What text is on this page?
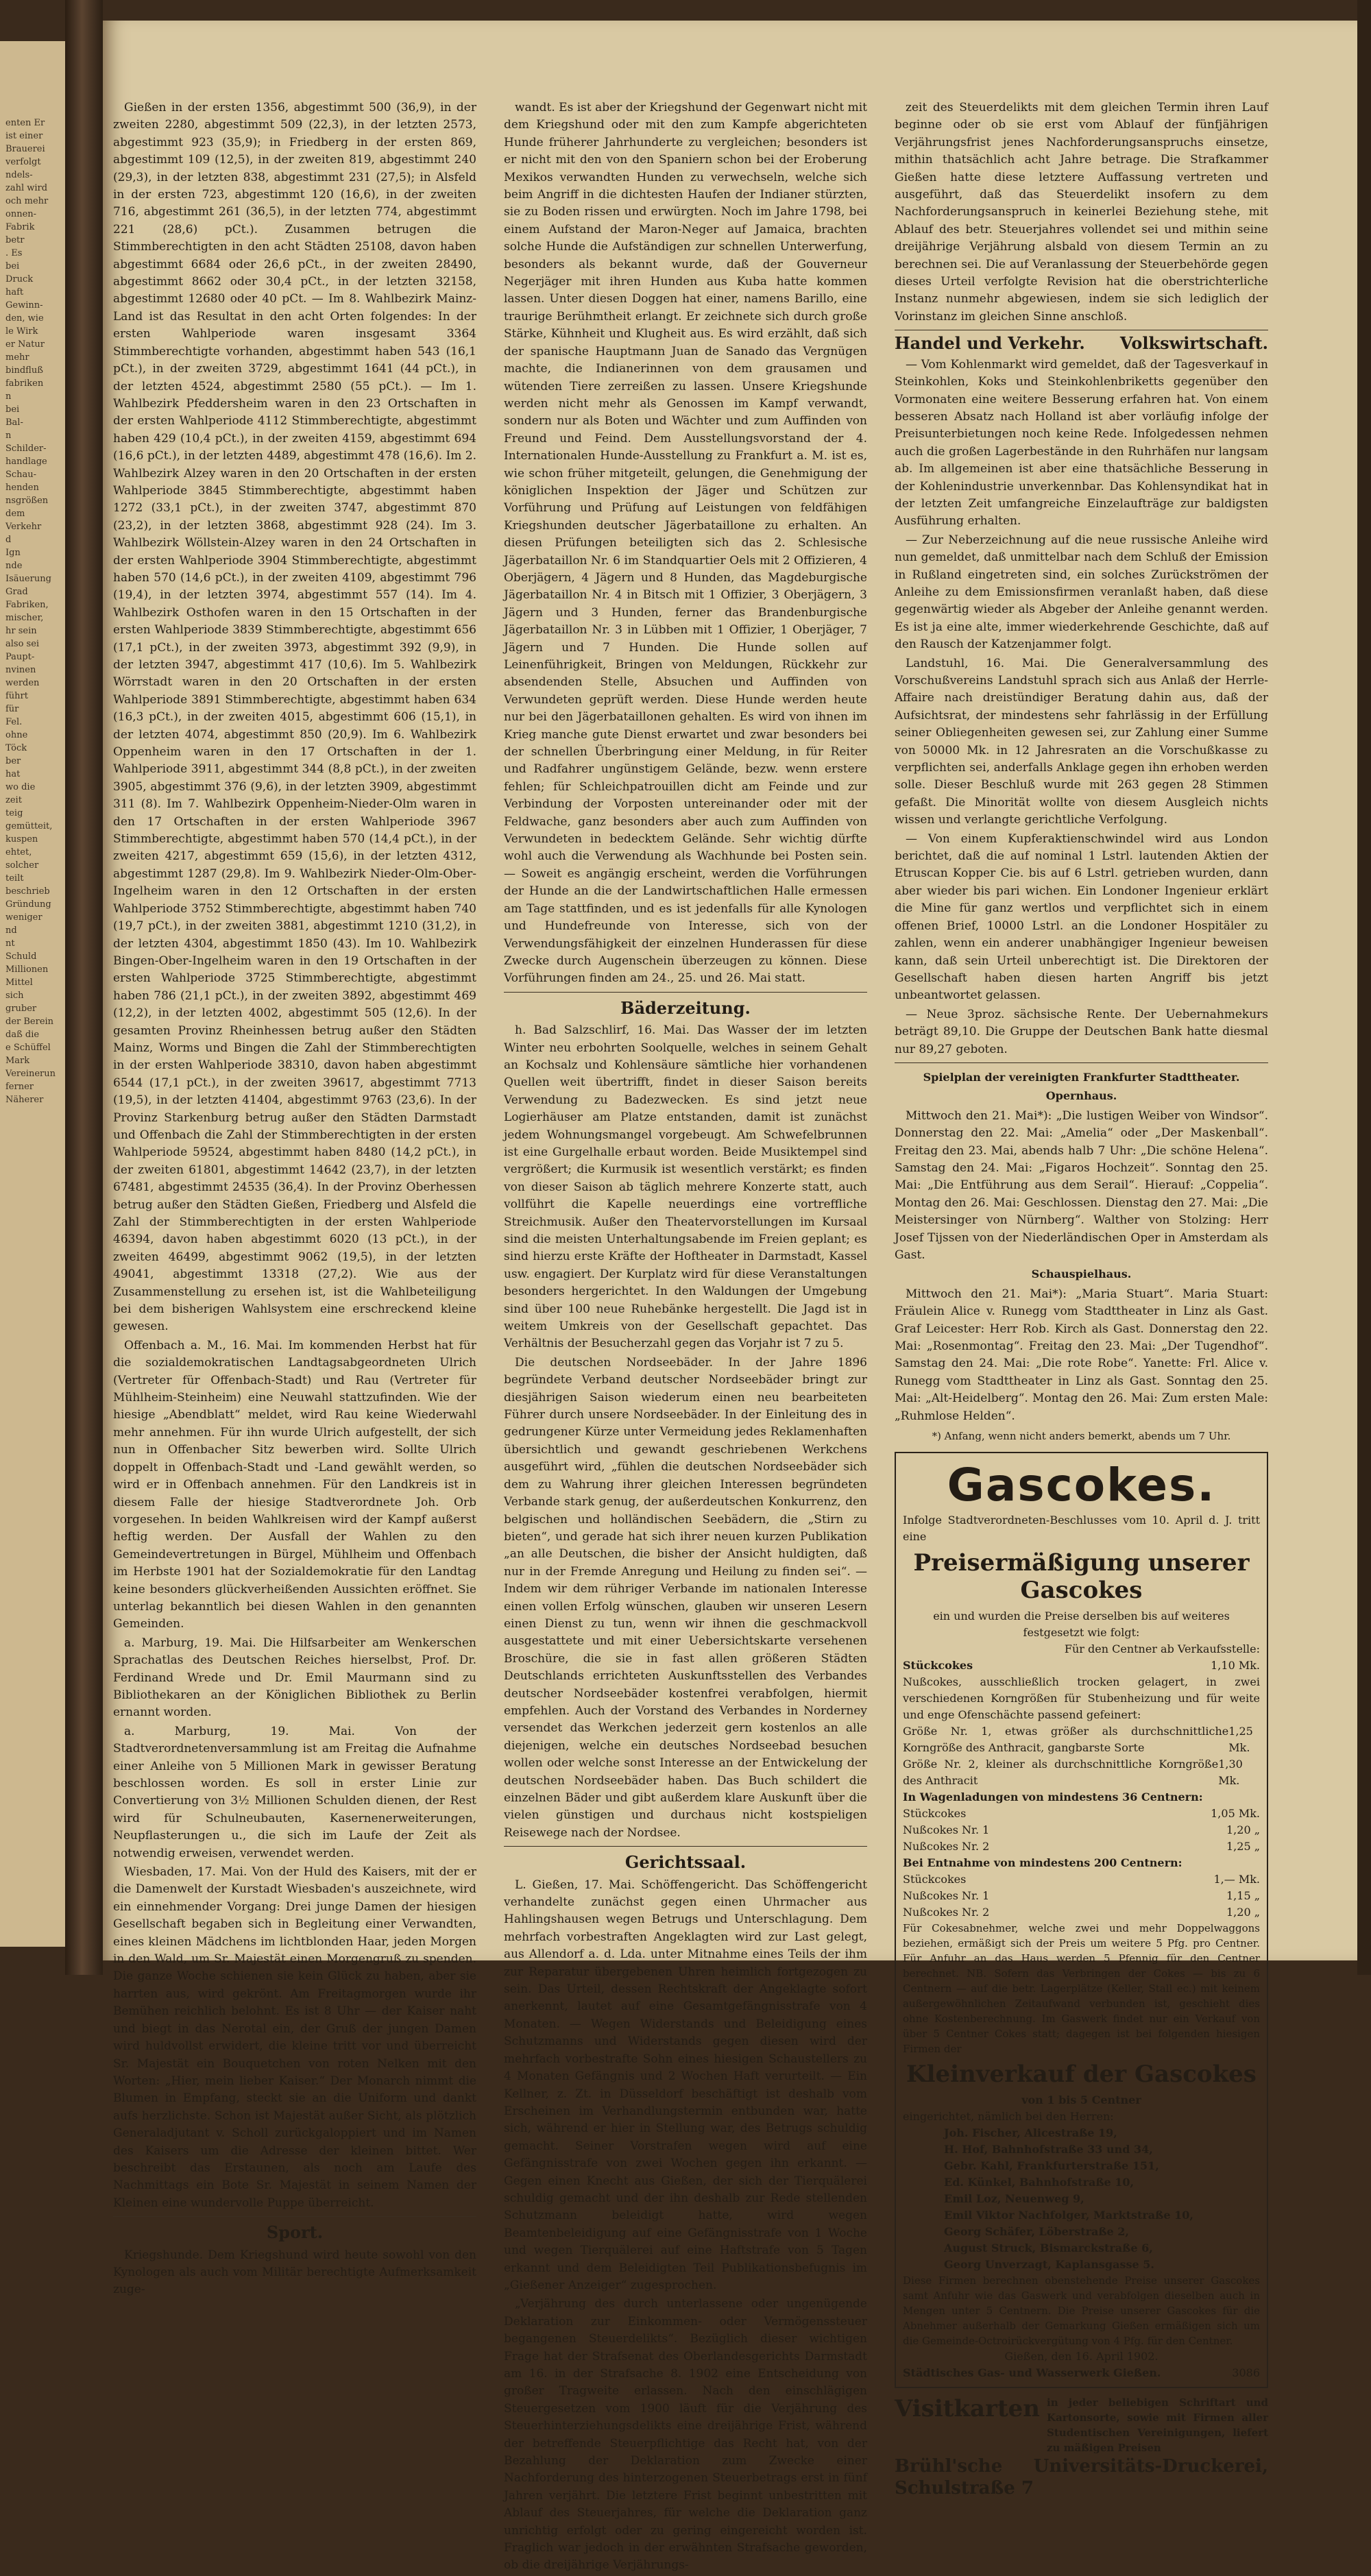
enten Er
ist einer
Brauerei
verfolgt
ndels-
zahl wird
och mehr
onnen-
Fabrik
betr
. Es
bei
Druck
haft
Gewinn-
den, wie
le Wirk
er Natur
mehr
bindfluß
fabriken
n
bei
Bal-
n
Schilder-
handlage
Schau-
henden
nsgrößen
dem
Verkehr
d
Ign
nde
Isäuerung
Grad
Fabriken,
mischer,
hr sein
also sei
Paupt-
nvinen
werden
führt
für
Fel.
ohne
Töck
ber
hat
wo die
zeit
teig
gemütteit,
kuspen
ehtet,
solcher
teilt
beschrieb
Gründung
weniger
nd
nt
Schuld
Millionen
Mittel
sich
gruber
der Berein
daß die
e Schüffel
Mark
Vereinerun
ferner
Näherer

Gießen in der ersten 1356, abgestimmt 500 (36,9), in der zweiten 2280, abgestimmt 509 (22,3), in der letzten 2573, abgestimmt 923 (35,9); in Friedberg in der ersten 869, abgestimmt 109 (12,5), in der zweiten 819, abgestimmt 240 (29,3), in der letzten 838, abgestimmt 231 (27,5); in Alsfeld in der ersten 723, abgestimmt 120 (16,6), in der zweiten 716, abgestimmt 261 (36,5), in der letzten 774, abgestimmt 221 (28,6) pCt.). Zusammen betrugen die Stimmberechtigten in den acht Städten 25108, davon haben abgestimmt 6684 oder 26,6 pCt., in der zweiten 28490, abgestimmt 8662 oder 30,4 pCt., in der letzten 32158, abgestimmt 12680 oder 40 pCt. — Im 8. Wahlbezirk Mainz-Land ist das Resultat in den acht Orten folgendes: In der ersten Wahlperiode waren insgesamt 3364 Stimmberechtigte vorhanden, abgestimmt haben 543 (16,1 pCt.), in der zweiten 3729, abgestimmt 1641 (44 pCt.), in der letzten 4524, abgestimmt 2580 (55 pCt.). — Im 1. Wahlbezirk Pfeddersheim waren in den 23 Ortschaften in der ersten Wahlperiode 4112 Stimmberechtigte, abgestimmt haben 429 (10,4 pCt.), in der zweiten 4159, abgestimmt 694 (16,6 pCt.), in der letzten 4489, abgestimmt 478 (16,6). Im 2. Wahlbezirk Alzey waren in den 20 Ortschaften in der ersten Wahlperiode 3845 Stimmberechtigte, abgestimmt haben 1272 (33,1 pCt.), in der zweiten 3747, abgestimmt 870 (23,2), in der letzten 3868, abgestimmt 928 (24). Im 3. Wahlbezirk Wöllstein-Alzey waren in den 24 Ortschaften in der ersten Wahlperiode 3904 Stimmberechtigte, abgestimmt haben 570 (14,6 pCt.), in der zweiten 4109, abgestimmt 796 (19,4), in der letzten 3974, abgestimmt 557 (14). Im 4. Wahlbezirk Osthofen waren in den 15 Ortschaften in der ersten Wahlperiode 3839 Stimmberechtigte, abgestimmt 656 (17,1 pCt.), in der zweiten 3973, abgestimmt 392 (9,9), in der letzten 3947, abgestimmt 417 (10,6). Im 5. Wahlbezirk Wörrstadt waren in den 20 Ortschaften in der ersten Wahlperiode 3891 Stimmberechtigte, abgestimmt haben 634 (16,3 pCt.), in der zweiten 4015, abgestimmt 606 (15,1), in der letzten 4074, abgestimmt 850 (20,9). Im 6. Wahlbezirk Oppenheim waren in den 17 Ortschaften in der 1. Wahlperiode 3911, abgestimmt 344 (8,8 pCt.), in der zweiten 3905, abgestimmt 376 (9,6), in der letzten 3909, abgestimmt 311 (8). Im 7. Wahlbezirk Oppenheim-Nieder-Olm waren in den 17 Ortschaften in der ersten Wahlperiode 3967 Stimmberechtigte, abgestimmt haben 570 (14,4 pCt.), in der zweiten 4217, abgestimmt 659 (15,6), in der letzten 4312, abgestimmt 1287 (29,8). Im 9. Wahlbezirk Nieder-Olm-Ober-Ingelheim waren in den 12 Ortschaften in der ersten Wahlperiode 3752 Stimmberechtigte, abgestimmt haben 740 (19,7 pCt.), in der zweiten 3881, abgestimmt 1210 (31,2), in der letzten 4304, abgestimmt 1850 (43). Im 10. Wahlbezirk Bingen-Ober-Ingelheim waren in den 19 Ortschaften in der ersten Wahlperiode 3725 Stimmberechtigte, abgestimmt haben 786 (21,1 pCt.), in der zweiten 3892, abgestimmt 469 (12,2), in der letzten 4002, abgestimmt 505 (12,6). In der gesamten Provinz Rheinhessen betrug außer den Städten Mainz, Worms und Bingen die Zahl der Stimmberechtigten in der ersten Wahlperiode 38310, davon haben abgestimmt 6544 (17,1 pCt.), in der zweiten 39617, abgestimmt 7713 (19,5), in der letzten 41404, abgestimmt 9763 (23,6). In der Provinz Starkenburg betrug außer den Städten Darmstadt und Offenbach die Zahl der Stimmberechtigten in der ersten Wahlperiode 59524, abgestimmt haben 8480 (14,2 pCt.), in der zweiten 61801, abgestimmt 14642 (23,7), in der letzten 67481, abgestimmt 24535 (36,4). In der Provinz Oberhessen betrug außer den Städten Gießen, Friedberg und Alsfeld die Zahl der Stimmberechtigten in der ersten Wahlperiode 46394, davon haben abgestimmt 6020 (13 pCt.), in der zweiten 46499, abgestimmt 9062 (19,5), in der letzten 49041, abgestimmt 13318 (27,2). Wie aus der Zusammenstellung zu ersehen ist, ist die Wahlbeteiligung bei dem bisherigen Wahlsystem eine erschreckend kleine gewesen.

Offenbach a. M., 16. Mai. Im kommenden Herbst hat für die sozialdemokratischen Landtagsabgeordneten Ulrich (Vertreter für Offenbach-Stadt) und Rau (Vertreter für Mühlheim-Steinheim) eine Neuwahl stattzufinden. Wie der hiesige „Abendblatt“ meldet, wird Rau keine Wiederwahl mehr annehmen. Für ihn wurde Ulrich aufgestellt, der sich nun in Offenbacher Sitz bewerben wird. Sollte Ulrich doppelt in Offenbach-Stadt und -Land gewählt werden, so wird er in Offenbach annehmen. Für den Landkreis ist in diesem Falle der hiesige Stadtverordnete Joh. Orb vorgesehen. In beiden Wahlkreisen wird der Kampf außerst heftig werden. Der Ausfall der Wahlen zu den Gemeindevertretungen in Bürgel, Mühlheim und Offenbach im Herbste 1901 hat der Sozialdemokratie für den Landtag keine besonders glückverheißenden Aussichten eröffnet. Sie unterlag bekanntlich bei diesen Wahlen in den genannten Gemeinden.

a. Marburg, 19. Mai. Die Hilfsarbeiter am Wenkerschen Sprachatlas des Deutschen Reiches hierselbst, Prof. Dr. Ferdinand Wrede und Dr. Emil Maurmann sind zu Bibliothekaren an der Königlichen Bibliothek zu Berlin ernannt worden.

a. Marburg, 19. Mai. Von der Stadtverordnetenversammlung ist am Freitag die Aufnahme einer Anleihe von 5 Millionen Mark in gewisser Beratung beschlossen worden. Es soll in erster Linie zur Convertierung von 3½ Millionen Schulden dienen, der Rest wird für Schulneubauten, Kasernenerweiterungen, Neupflasterungen u., die sich im Laufe der Zeit als notwendig erweisen, verwendet werden.

Wiesbaden, 17. Mai. Von der Huld des Kaisers, mit der er die Damenwelt der Kurstadt Wiesbaden's auszeichnete, wird ein einnehmender Vorgang: Drei junge Damen der hiesigen Gesellschaft begaben sich in Begleitung einer Verwandten, eines kleinen Mädchens im lichtblonden Haar, jeden Morgen in den Wald, um Sr. Majestät einen Morgengruß zu spenden. Die ganze Woche schienen sie kein Glück zu haben, aber sie harrten aus, wird gekrönt. Am Freitagmorgen wurde ihr Bemühen reichlich belohnt. Es ist 8 Uhr — der Kaiser naht und biegt in das Nerotal ein, der Gruß der jungen Damen wird huldvollst erwidert, die kleine tritt vor und überreicht Sr. Majestät ein Bouquetchen von roten Nelken mit den Worten: „Hier, mein lieber Kaiser.“ Der Monarch nimmt die Blumen in Empfang, steckt sie an die Uniform und dankt aufs herzlichste. Schon ist Majestät außer Sicht, als plötzlich Generaladjutant v. Scholl zurückgaloppiert und im Namen des Kaisers um die Adresse der kleinen bittet. Wer beschreibt das Erstaunen, als noch am Laufe des Nachmittags ein Bote Sr. Majestät in seinem Namen der Kleinen eine wundervolle Puppe überreicht.

Sport.

Kriegshunde. Dem Kriegshund wird heute sowohl von den Kynologen als auch vom Militär berechtigte Aufmerksamkeit zuge-

wandt. Es ist aber der Kriegshund der Gegenwart nicht mit dem Kriegshund oder mit den zum Kampfe abgerichteten Hunde früherer Jahrhunderte zu vergleichen; besonders ist er nicht mit den von den Spaniern schon bei der Eroberung Mexikos verwandten Hunden zu verwechseln, welche sich beim Angriff in die dichtesten Haufen der Indianer stürzten, sie zu Boden rissen und erwürgten. Noch im Jahre 1798, bei einem Aufstand der Maron-Neger auf Jamaica, brachten solche Hunde die Aufständigen zur schnellen Unterwerfung, besonders als bekannt wurde, daß der Gouverneur Negerjäger mit ihren Hunden aus Kuba hatte kommen lassen. Unter diesen Doggen hat einer, namens Barillo, eine traurige Berühmtheit erlangt. Er zeichnete sich durch große Stärke, Kühnheit und Klugheit aus. Es wird erzählt, daß sich der spanische Hauptmann Juan de Sanado das Vergnügen machte, die Indianerinnen von dem grausamen und wütenden Tiere zerreißen zu lassen. Unsere Kriegshunde werden nicht mehr als Genossen im Kampf verwandt, sondern nur als Boten und Wächter und zum Auffinden von Freund und Feind. Dem Ausstellungsvorstand der 4. Internationalen Hunde-Ausstellung zu Frankfurt a. M. ist es, wie schon früher mitgeteilt, gelungen, die Genehmigung der königlichen Inspektion der Jäger und Schützen zur Vorführung und Prüfung auf Leistungen von feldfähigen Kriegshunden deutscher Jägerbataillone zu erhalten. An diesen Prüfungen beteiligten sich das 2. Schlesische Jägerbataillon Nr. 6 im Standquartier Oels mit 2 Offizieren, 4 Oberjägern, 4 Jägern und 8 Hunden, das Magdeburgische Jägerbataillon Nr. 4 in Bitsch mit 1 Offizier, 3 Oberjägern, 3 Jägern und 3 Hunden, ferner das Brandenburgische Jägerbataillon Nr. 3 in Lübben mit 1 Offizier, 1 Oberjäger, 7 Jägern und 7 Hunden. Die Hunde sollen auf Leinenführigkeit, Bringen von Meldungen, Rückkehr zur absendenden Stelle, Absuchen und Auffinden von Verwundeten geprüft werden. Diese Hunde werden heute nur bei den Jägerbataillonen gehalten. Es wird von ihnen im Krieg manche gute Dienst erwartet und zwar besonders bei der schnellen Überbringung einer Meldung, in für Reiter und Radfahrer ungünstigem Gelände, bezw. wenn erstere fehlen; für Schleichpatrouillen dicht am Feinde und zur Verbindung der Vorposten untereinander oder mit der Feldwache, ganz besonders aber auch zum Auffinden von Verwundeten in bedecktem Gelände. Sehr wichtig dürfte wohl auch die Verwendung als Wachhunde bei Posten sein. — Soweit es angängig erscheint, werden die Vorführungen der Hunde an die der Landwirtschaftlichen Halle ermessen am Tage stattfinden, und es ist jedenfalls für alle Kynologen und Hundefreunde von Interesse, sich von der Verwendungsfähigkeit der einzelnen Hunderassen für diese Zwecke durch Augenschein überzeugen zu können. Diese Vorführungen finden am 24., 25. und 26. Mai statt.

Bäderzeitung.

h. Bad Salzschlirf, 16. Mai. Das Wasser der im letzten Winter neu erbohrten Soolquelle, welches in seinem Gehalt an Kochsalz und Kohlensäure sämtliche hier vorhandenen Quellen weit übertrifft, findet in dieser Saison bereits Verwendung zu Badezwecken. Es sind jetzt neue Logierhäuser am Platze entstanden, damit ist zunächst jedem Wohnungsmangel vorgebeugt. Am Schwefelbrunnen ist eine Gurgelhalle erbaut worden. Beide Musiktempel sind vergrößert; die Kurmusik ist wesentlich verstärkt; es finden von dieser Saison ab täglich mehrere Konzerte statt, auch vollführt die Kapelle neuerdings eine vortreffliche Streichmusik. Außer den Theatervorstellungen im Kursaal sind die meisten Unterhaltungsabende im Freien geplant; es sind hierzu erste Kräfte der Hoftheater in Darmstadt, Kassel usw. engagiert. Der Kurplatz wird für diese Veranstaltungen besonders hergerichtet. In den Waldungen der Umgebung sind über 100 neue Ruhebänke hergestellt. Die Jagd ist in weitem Umkreis von der Gesellschaft gepachtet. Das Verhältnis der Besucherzahl gegen das Vorjahr ist 7 zu 5.

Die deutschen Nordseebäder. In der Jahre 1896 begründete Verband deutscher Nordseebäder bringt zur diesjährigen Saison wiederum einen neu bearbeiteten Führer durch unsere Nordseebäder. In der Einleitung des in gedrungener Kürze unter Vermeidung jedes Reklamenhaften übersichtlich und gewandt geschriebenen Werkchens ausgeführt wird, „fühlen die deutschen Nordseebäder sich dem zu Wahrung ihrer gleichen Interessen begründeten Verbande stark genug, der außerdeutschen Konkurrenz, den belgischen und holländischen Seebädern, die „Stirn zu bieten“, und gerade hat sich ihrer neuen kurzen Publikation „an alle Deutschen, die bisher der Ansicht huldigten, daß nur in der Fremde Anregung und Heilung zu finden sei“. — Indem wir dem rühriger Verbande im nationalen Interesse einen vollen Erfolg wünschen, glauben wir unseren Lesern einen Dienst zu tun, wenn wir ihnen die geschmackvoll ausgestattete und mit einer Uebersichtskarte versehenen Broschüre, die sie in fast allen größeren Städten Deutschlands errichteten Auskunftsstellen des Verbandes deutscher Nordseebäder kostenfrei verabfolgen, hiermit empfehlen. Auch der Vorstand des Verbandes in Norderney versendet das Werkchen jederzeit gern kostenlos an alle diejenigen, welche ein deutsches Nordseebad besuchen wollen oder welche sonst Interesse an der Entwickelung der deutschen Nordseebäder haben. Das Buch schildert die einzelnen Bäder und gibt außerdem klare Auskunft über die vielen günstigen und durchaus nicht kostspieligen Reisewege nach der Nordsee.

Gerichtssaal.

L. Gießen, 17. Mai. Schöffengericht. Das Schöffengericht verhandelte zunächst gegen einen Uhrmacher aus Hahlingshausen wegen Betrugs und Unterschlagung. Dem mehrfach vorbestraften Angeklagten wird zur Last gelegt, aus Allendorf a. d. Lda. unter Mitnahme eines Teils der ihm zur Reparatur übergebenen Uhren heimlich fortgezogen zu sein. Das Urteil, dessen Rechtskraft der Angeklagte sofort anerkennt, lautet auf eine Gesamtgefängnisstrafe von 4 Monaten. — Wegen Widerstands und Beleidigung eines Schutzmanns und Widerstands gegen diesen wird der mehrfach vorbestrafte Sohn eines hiesigen Schaustellers zu 4 Monaten Gefängnis und 2 Wochen Haft verurteilt. — Ein Kellner, z. Zt. in Düsseldorf beschäftigt ist deshalb vom Erscheinen im Verhandlungstermin entbunden war, hatte sich, während er hier in Stellung war, des Betrugs schuldig gemacht. Seiner Vorstrafen wegen wird auf eine Gefängnisstrafe von zwei Wochen gegen ihn erkannt. — Gegen einen Knecht aus Gießen, der sich der Tierquälerei schuldig gemacht und der ihn deshalb zur Rede stellenden Schutzmann beleidigt hatte, wird wegen Beamtenbeleidigung auf eine Gefängnisstrafe von 1 Woche und wegen Tierquälerei auf eine Haftstrafe von 5 Tagen erkannt und dem Beleidigten Teil Publikationsbefugnis im „Gießener Anzeiger“ zugesprochen.

„Verjährung des durch unterlassene oder ungenügende Deklaration zur Einkommen- oder Vermögenssteuer begangenen Steuerdelikts“. Bezüglich dieser wichtigen Frage hat der Strafsenat des Oberlandesgerichts Darmstadt am 16. in der Strafsache 8. 1902 eine Entscheidung von großer Tragweite erlassen. Nach den einschlägigen Steuergesetzen vom 1900 läuft für die Verjährung des Steuerhinterziehungsdelikts eine dreijährige Frist, während der betreffende Steuerpflichtige das Recht hat, von der Bezahlung der Deklaration zum Zwecke einer Nachforderung des hinterzogenen Steuerbetrags erst in fünf Jahren verjährt. Die letztere Frist beginnt unbestritten mit Ablauf des Steuerjahres, für welche die Deklaration ganz unrichtig erfolgt oder zu gering eingereicht worden ist. Fraglich war jedoch in der erwähnten Strafsache geworden, ob die dreijährige Verjährungs-

zeit des Steuerdelikts mit dem gleichen Termin ihren Lauf beginne oder ob sie erst vom Ablauf der fünfjährigen Verjährungsfrist jenes Nachforderungsanspruchs einsetze, mithin thatsächlich acht Jahre betrage. Die Strafkammer Gießen hatte diese letztere Auffassung vertreten und ausgeführt, daß das Steuerdelikt insofern zu dem Nachforderungsanspruch in keinerlei Beziehung stehe, mit Ablauf des betr. Steuerjahres vollendet sei und mithin seine dreijährige Verjährung alsbald von diesem Termin an zu berechnen sei. Die auf Veranlassung der Steuerbehörde gegen dieses Urteil verfolgte Revision hat die oberstrichterliche Instanz nunmehr abgewiesen, indem sie sich lediglich der Vorinstanz im gleichen Sinne anschloß.

Handel und Verkehr. Volkswirtschaft.

— Vom Kohlenmarkt wird gemeldet, daß der Tagesverkauf in Steinkohlen, Koks und Steinkohlenbriketts gegenüber den Vormonaten eine weitere Besserung erfahren hat. Von einem besseren Absatz nach Holland ist aber vorläufig infolge der Preisunterbietungen noch keine Rede. Infolgedessen nehmen auch die großen Lagerbestände in den Ruhrhäfen nur langsam ab. Im allgemeinen ist aber eine thatsächliche Besserung in der Kohlenindustrie unverkennbar. Das Kohlensyndikat hat in der letzten Zeit umfangreiche Einzelaufträge zur baldigsten Ausführung erhalten.

— Zur Neberzeichnung auf die neue russische Anleihe wird nun gemeldet, daß unmittelbar nach dem Schluß der Emission in Rußland eingetreten sind, ein solches Zurückströmen der Anleihe zu dem Emissionsfirmen veranlaßt haben, daß diese gegenwärtig wieder als Abgeber der Anleihe genannt werden. Es ist ja eine alte, immer wiederkehrende Geschichte, daß auf den Rausch der Katzenjammer folgt.

Landstuhl, 16. Mai. Die Generalversammlung des Vorschußvereins Landstuhl sprach sich aus Anlaß der Herrle-Affaire nach dreistündiger Beratung dahin aus, daß der Aufsichtsrat, der mindestens sehr fahrlässig in der Erfüllung seiner Obliegenheiten gewesen sei, zur Zahlung einer Summe von 50000 Mk. in 12 Jahresraten an die Vorschußkasse zu verpflichten sei, anderfalls Anklage gegen ihn erhoben werden solle. Dieser Beschluß wurde mit 263 gegen 28 Stimmen gefaßt. Die Minorität wollte von diesem Ausgleich nichts wissen und verlangte gerichtliche Verfolgung.

— Von einem Kupferaktienschwindel wird aus London berichtet, daß die auf nominal 1 Lstrl. lautenden Aktien der Etruscan Kopper Cie. bis auf 6 Lstrl. getrieben wurden, dann aber wieder bis pari wichen. Ein Londoner Ingenieur erklärt die Mine für ganz wertlos und verpflichtet sich in einem offenen Brief, 10000 Lstrl. an die Londoner Hospitäler zu zahlen, wenn ein anderer unabhängiger Ingenieur beweisen kann, daß sein Urteil unberechtigt ist. Die Direktoren der Gesellschaft haben diesen harten Angriff bis jetzt unbeantwortet gelassen.

— Neue 3proz. sächsische Rente. Der Uebernahmekurs beträgt 89,10. Die Gruppe der Deutschen Bank hatte diesmal nur 89,27 geboten.

Spielplan der vereinigten Frankfurter Stadttheater.
Opernhaus.

Mittwoch den 21. Mai*): „Die lustigen Weiber von Windsor“. Donnerstag den 22. Mai: „Amelia“ oder „Der Maskenball“. Freitag den 23. Mai, abends halb 7 Uhr: „Die schöne Helena“. Samstag den 24. Mai: „Figaros Hochzeit“. Sonntag den 25. Mai: „Die Entführung aus dem Serail“. Hierauf: „Coppelia“. Montag den 26. Mai: Geschlossen. Dienstag den 27. Mai: „Die Meistersinger von Nürnberg“. Walther von Stolzing: Herr Josef Tijssen von der Niederländischen Oper in Amsterdam als Gast.

Schauspielhaus.

Mittwoch den 21. Mai*): „Maria Stuart“. Maria Stuart: Fräulein Alice v. Runegg vom Stadttheater in Linz als Gast. Graf Leicester: Herr Rob. Kirch als Gast. Donnerstag den 22. Mai: „Rosenmontag“. Freitag den 23. Mai: „Der Tugendhof“. Samstag den 24. Mai: „Die rote Robe“. Yanette: Frl. Alice v. Runegg vom Stadttheater in Linz als Gast. Sonntag den 25. Mai: „Alt-Heidelberg“. Montag den 26. Mai: Zum ersten Male: „Ruhmlose Helden“.

*) Anfang, wenn nicht anders bemerkt, abends um 7 Uhr.
Gascokes.
Infolge Stadtverordneten-Beschlusses vom 10. April d. J. tritt eine
Preisermäßigung unserer Gascokes
ein und wurden die Preise derselben bis auf weiteres festgesetzt wie folgt:
Für den Centner ab Verkaufsstelle:
Stückcokes	1,10 Mk.
Nußcokes, ausschließlich trocken gelagert, in zwei verschiedenen Korngrößen für Stubenheizung und für weite und enge Ofenschächte passend gefeinert:
Größe Nr. 1, etwas größer als durchschnittliche Korngröße des Anthracit, gangbarste Sorte
1,25 Mk.
Größe Nr. 2, kleiner als durchschnittliche Korngröße des Anthracit
1,30 Mk.
In Wagenladungen von mindestens 36 Centnern:
Stückcokes	1,05 Mk.
Nußcokes Nr. 1	1,20 „
Nußcokes Nr. 2	1,25 „
Bei Entnahme von mindestens 200 Centnern:
Stückcokes	1,— Mk.
Nußcokes Nr. 1	1,15 „
Nußcokes Nr. 2	1,20 „
Für Cokesabnehmer, welche zwei und mehr Doppelwaggons beziehen, ermäßigt sich der Preis um weitere 5 Pfg. pro Centner. Für Anfuhr an das Haus werden 5 Pfennig für den Centner berechnet. NB. Sofern das Verbringen der Cokes — bis zu 6 Centnern — auf die betr. Lagerplätze (Keller, Stall ec.) mit keinem außergewöhnlichen Zeitaufwand verbunden ist, geschieht dies ohne Kostenberechnung. Im Gaswerk findet nur ein Verkauf von über 5 Centner Cokes statt; dagegen ist bei folgenden hiesigen Firmen der
Kleinverkauf der Gascokes
von 1 bis 5 Centner
eingerichtet, nämlich bei den Herren:
Joh. Fischer, Alicestraße 19,
H. Hof, Bahnhofstraße 33 und 34,
Gebr. Kahl, Frankfurterstraße 151,
Ed. Künkel, Bahnhofstraße 10,
Emil Loz, Neuenweg 9,
Emil Viktor Nachfolger, Marktstraße 10,
Georg Schäfer, Löberstraße 2,
August Struck, Bismarckstraße 6,
Georg Unverzagt, Kaplansgasse 5.
Diese Firmen berechnen obenstehende Preise unserer Gascokes samt Anfuhr wie das Gaswerk und verabfolgen dieselben auch in Mengen unter 5 Centnern. Die Preise unserer Gascokes für die Abnehmer außerhalb der Gemarkung Gießen ermäßigen sich um die Gemeinde-Octroirückvergütung von 4 Pfg. für den Centner.
Gießen, den 16. April 1902.
Städtisches Gas- und Wasserwerk Gießen.	3086
Visitkarten in jeder beliebigen Schriftart und Kartonsorte, sowie mit Firmen aller Studentischen Vereinigungen, liefert zu mäßigen Preisen
Brühl'sche Universitäts-Druckerei, Schulstraße 7
